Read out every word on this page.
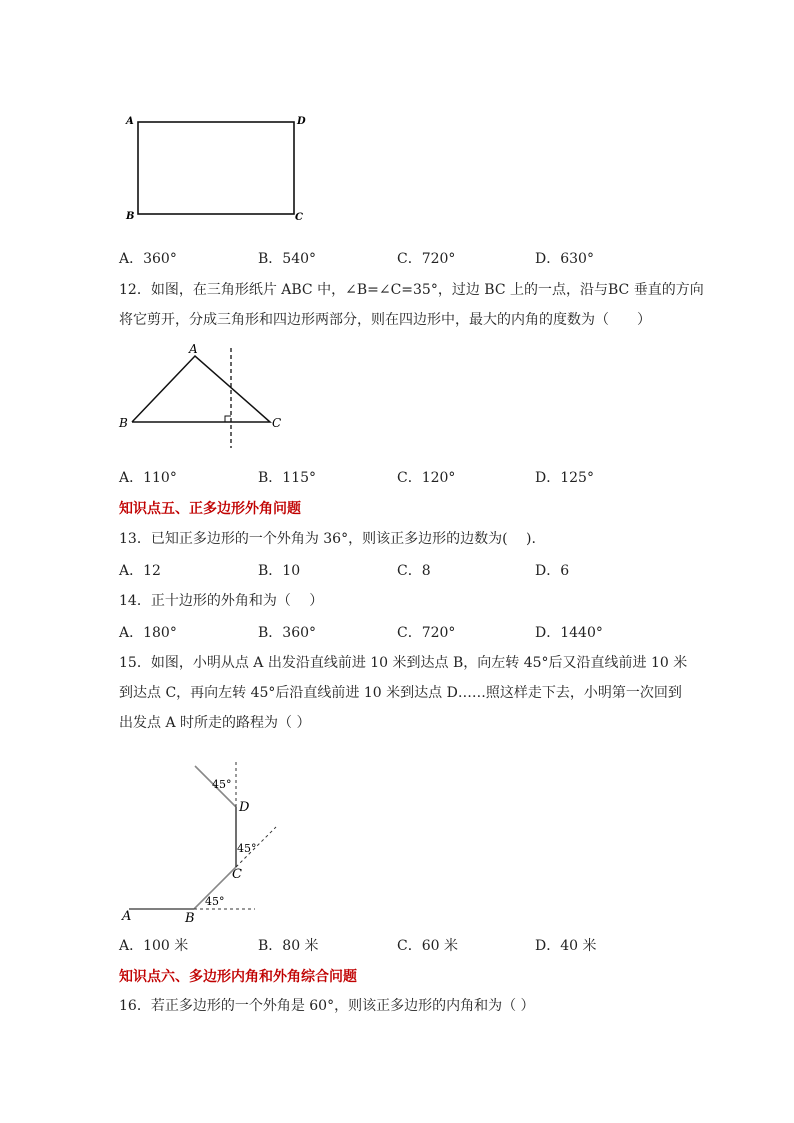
A	D
B	C
A．360°	B．540°	C．720°	D．630°
12．如图，在三角形纸片 ABC 中，∠B=∠C=35°，过边 BC 上的一点，沿与BC 垂直的方向
将它剪开，分成三角形和四边形两部分，则在四边形中，最大的内角的度数为（　　）
A
B	C
A．110°	B．115°	C．120°	D．125°
知识点五、正多边形外角问题
13．已知正多边形的一个外角为 36°，则该正多边形的边数为(　 ).
A．12	B．10	C．8	D．6
14．正十边形的外角和为（　 ）
A．180°	B．360°	C．720°	D．1440°
15．如图，小明从点 A 出发沿直线前进 10 米到达点 B，向左转 45°后又沿直线前进 10 米
到达点 C，再向左转 45°后沿直线前进 10 米到达点 D……照这样走下去，小明第一次回到
出发点 A 时所走的路程为（ ）
A	B
C
D
45°
45°
45°
A．100 米	B．80 米	C．60 米	D．40 米
知识点六、多边形内角和外角综合问题
16．若正多边形的一个外角是 60°，则该正多边形的内角和为（ ）
